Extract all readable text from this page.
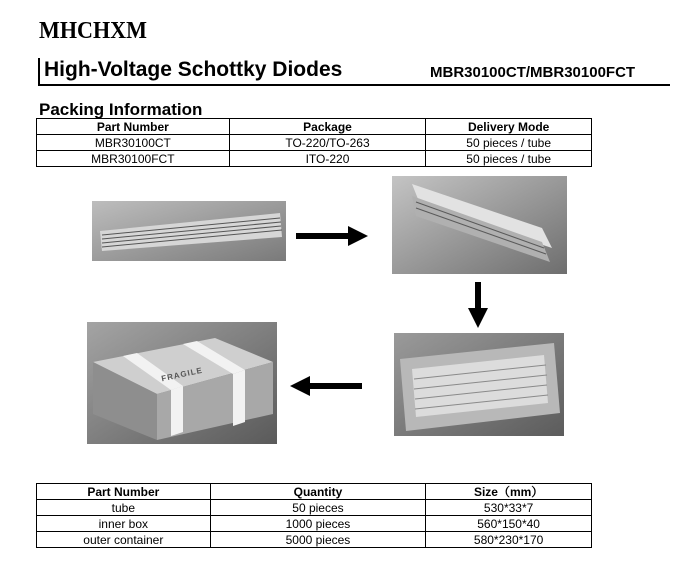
MHCHXM
High-Voltage Schottky Diodes	MBR30100CT/MBR30100FCT
Packing Information
Part Number	Package	Delivery Mode
MBR30100CT	TO-220/TO-263	50 pieces / tube
MBR30100FCT	ITO-220	50 pieces / tube
FRAGILE
Part Number	Quantity	Size（mm）
tube	50 pieces	530*33*7
inner box	1000 pieces	560*150*40
outer container	5000 pieces	580*230*170
